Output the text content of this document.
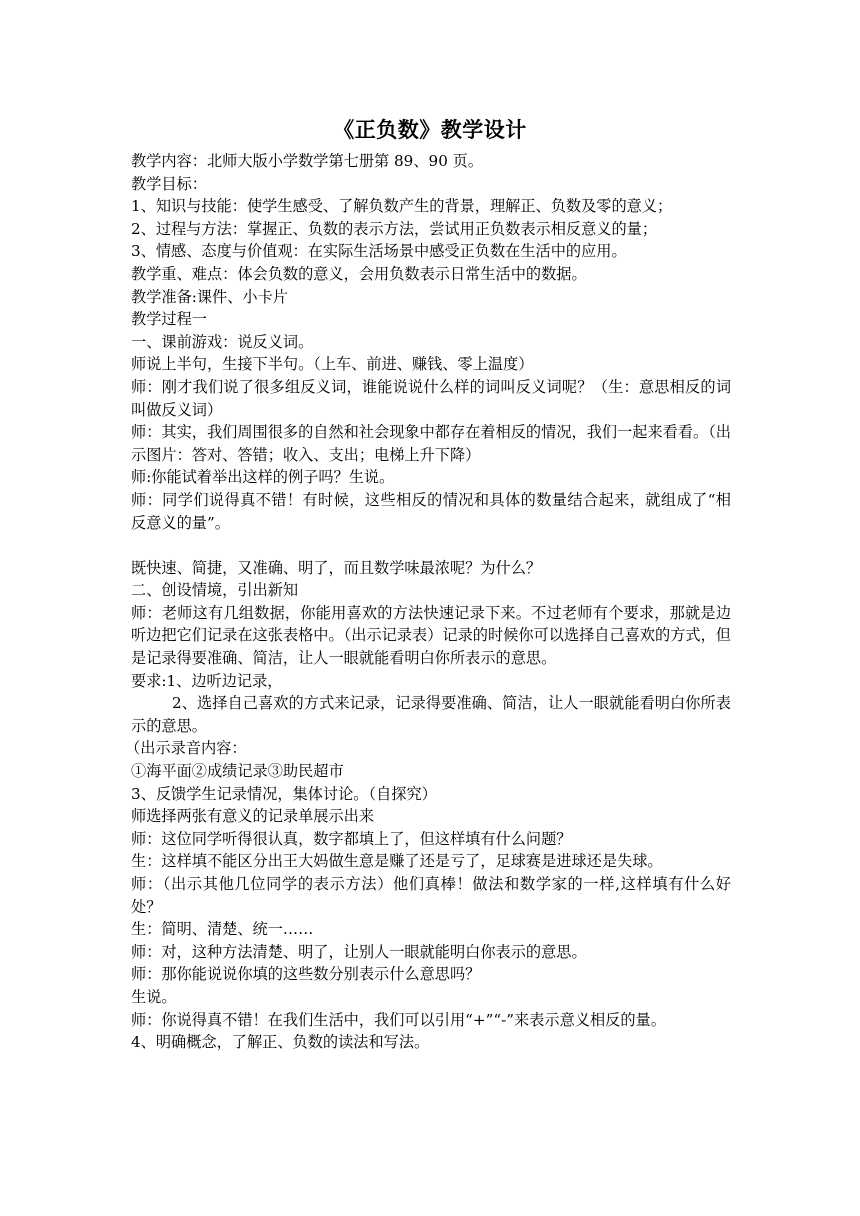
《正负数》教学设计

教学内容：北师大版小学数学第七册第 89、90 页。

教学目标：

1、知识与技能：使学生感受、了解负数产生的背景，理解正、负数及零的意义；

2、过程与方法：掌握正、负数的表示方法，尝试用正负数表示相反意义的量；

3、情感、态度与价值观：在实际生活场景中感受正负数在生活中的应用。

教学重、难点：体会负数的意义，会用负数表示日常生活中的数据。

教学准备:课件、小卡片

教学过程一

一、课前游戏：说反义词。

师说上半句，生接下半句。（上车、前进、赚钱、零上温度）

师：刚才我们说了很多组反义词，谁能说说什么样的词叫反义词呢？（生：意思相反的词叫做反义词）

师：其实，我们周围很多的自然和社会现象中都存在着相反的情况，我们一起来看看。（出示图片：答对、答错；收入、支出；电梯上升下降）

师:你能试着举出这样的例子吗？生说。

师：同学们说得真不错！有时候，这些相反的情况和具体的数量结合起来，就组成了“相反意义的量”。

既快速、简捷，又准确、明了，而且数学味最浓呢？为什么？

二、创设情境，引出新知

师：老师这有几组数据，你能用喜欢的方法快速记录下来。不过老师有个要求，那就是边听边把它们记录在这张表格中。（出示记录表）记录的时候你可以选择自己喜欢的方式，但是记录得要准确、简洁，让人一眼就能看明白你所表示的意思。

要求:1、边听边记录，

2、选择自己喜欢的方式来记录，记录得要准确、简洁，让人一眼就能看明白你所表示的意思。

（出示录音内容：

①海平面②成绩记录③助民超市

3、反馈学生记录情况，集体讨论。（自探究）

师选择两张有意义的记录单展示出来

师：这位同学听得很认真，数字都填上了，但这样填有什么问题？

生：这样填不能区分出王大妈做生意是赚了还是亏了，足球赛是进球还是失球。

师：（出示其他几位同学的表示方法）他们真棒！做法和数学家的一样,这样填有什么好处？

生：简明、清楚、统一……

师：对，这种方法清楚、明了，让别人一眼就能明白你表示的意思。

师：那你能说说你填的这些数分别表示什么意思吗？

生说。

师：你说得真不错！在我们生活中，我们可以引用“+”“-”来表示意义相反的量。

4、明确概念，了解正、负数的读法和写法。
